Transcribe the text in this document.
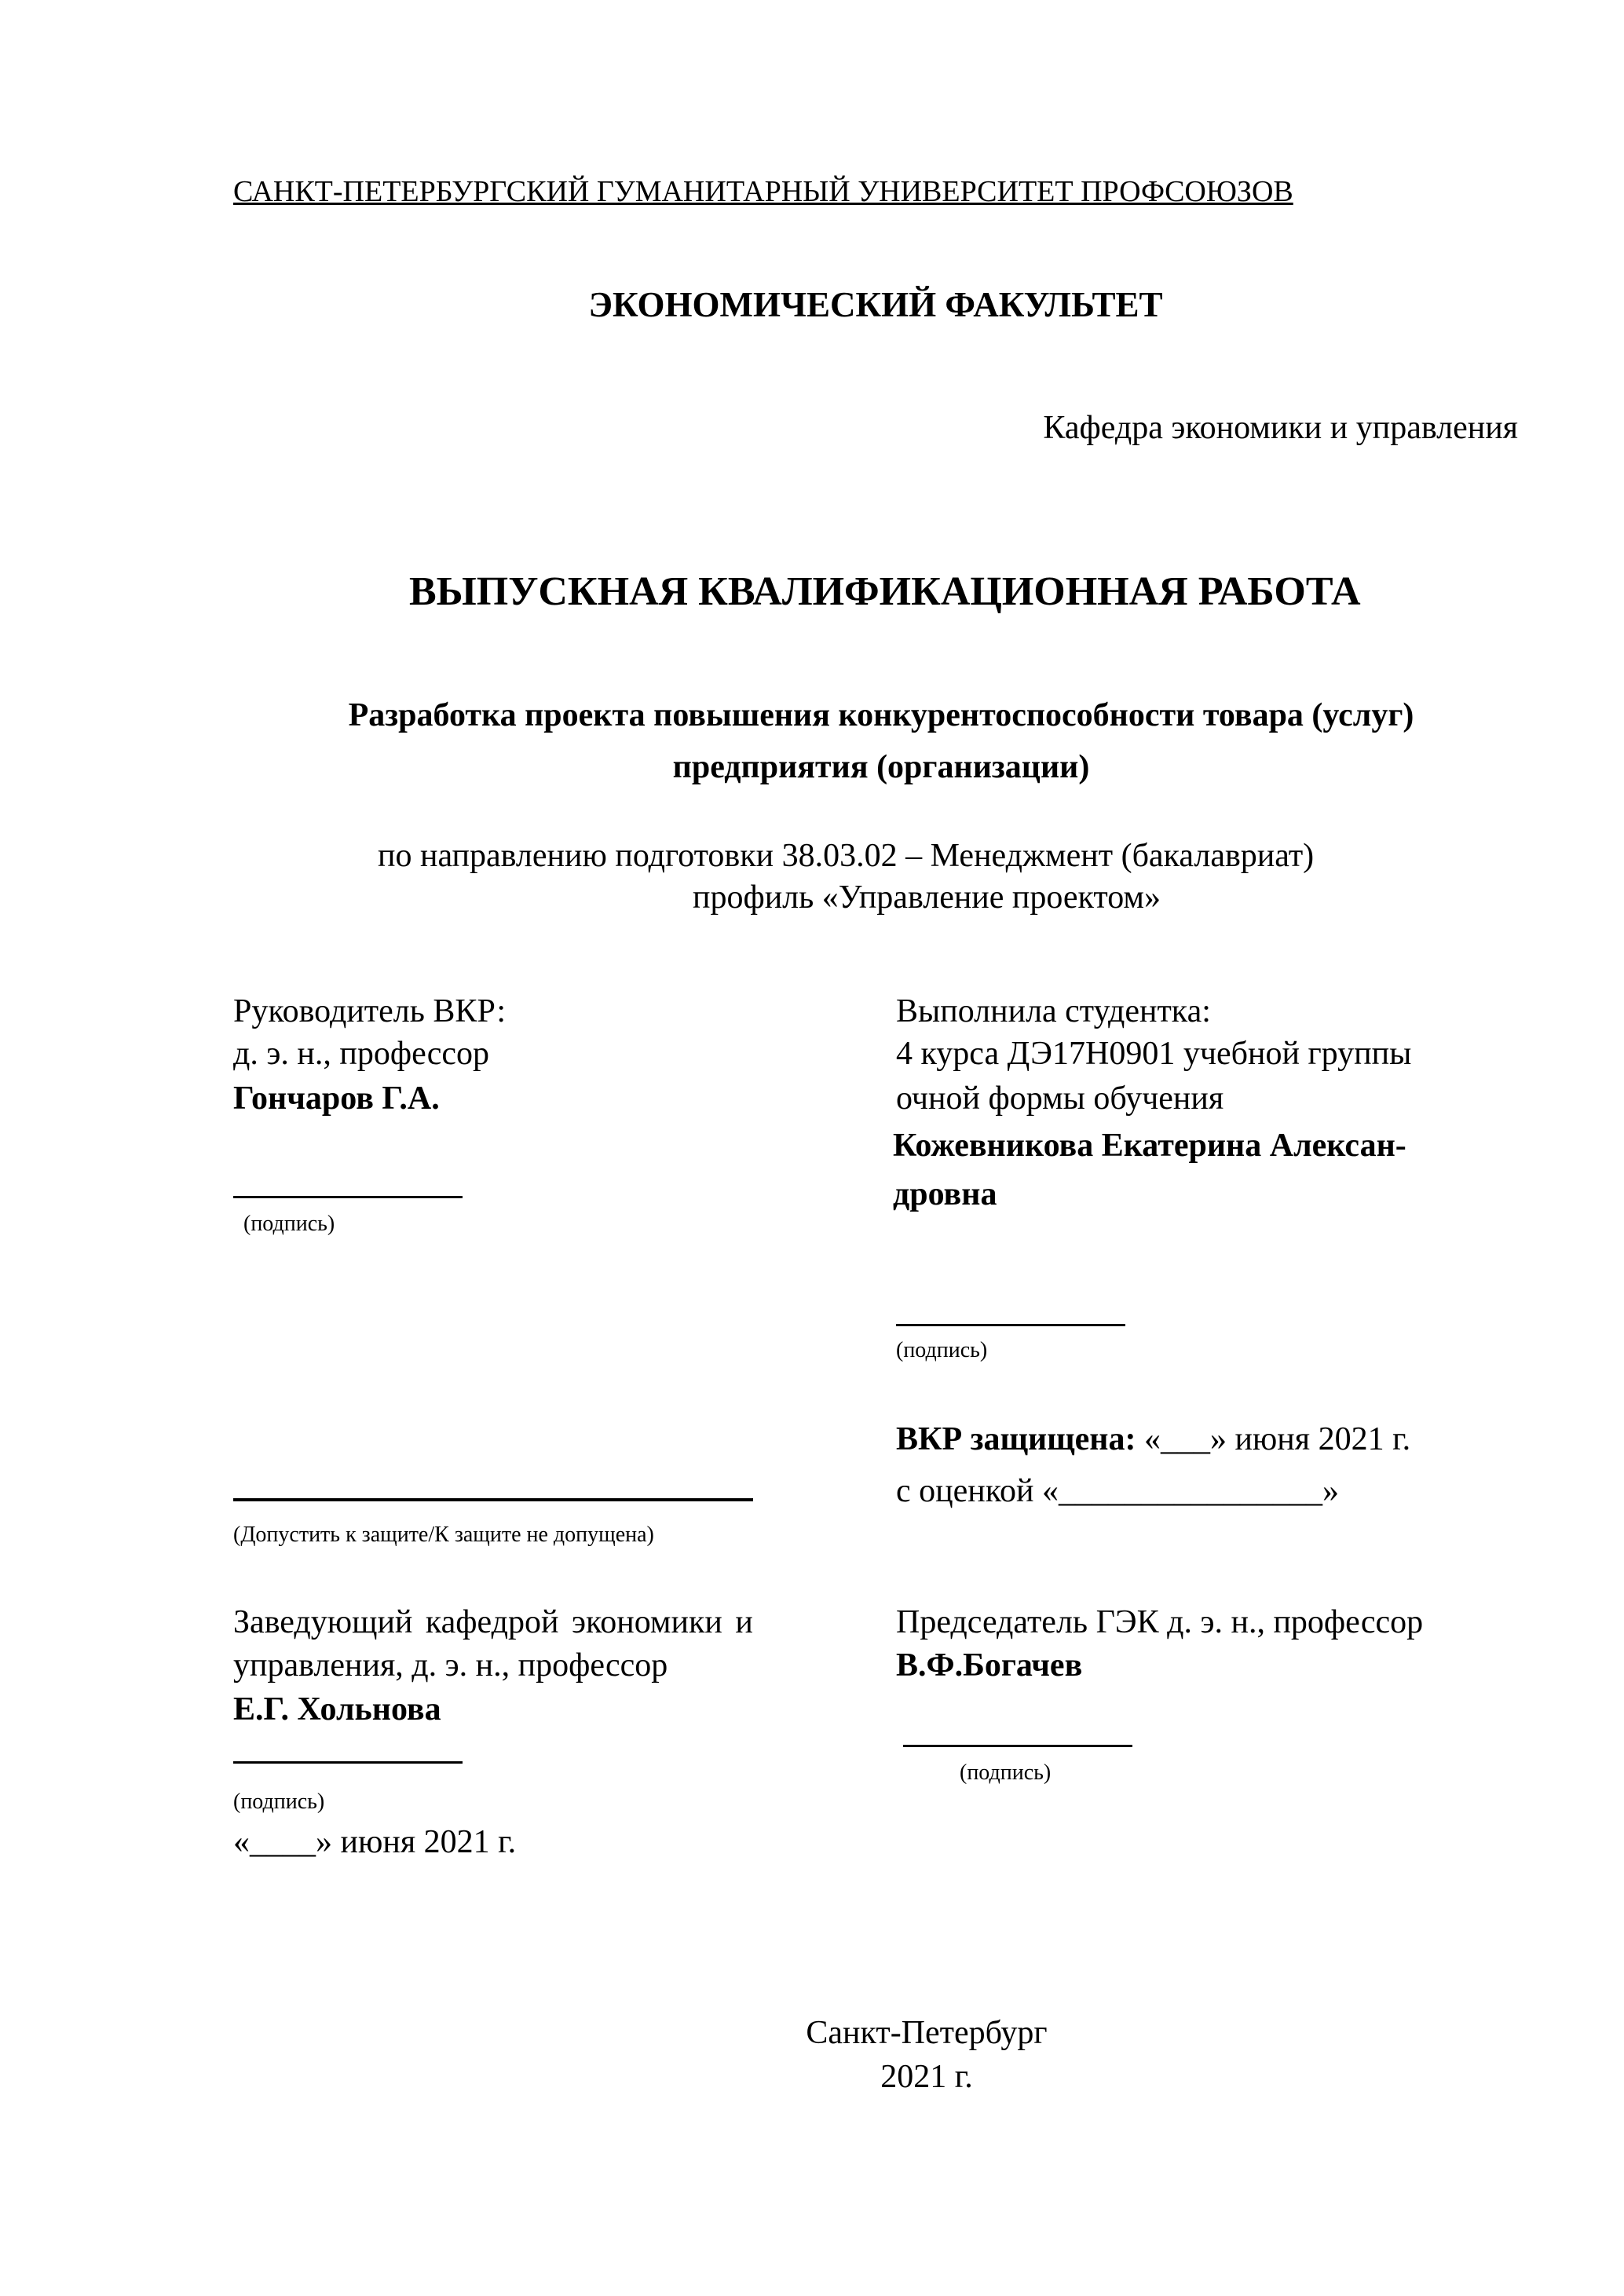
САНКТ-ПЕТЕРБУРГСКИЙ ГУМАНИТАРНЫЙ УНИВЕРСИТЕТ ПРОФСОЮЗОВ
ЭКОНОМИЧЕСКИЙ ФАКУЛЬТЕТ
Кафедра экономики и управления
ВЫПУСКНАЯ КВАЛИФИКАЦИОННАЯ РАБОТА
Разработка проекта повышения конкурентоспособности товара (услуг)
предприятия (организации)
по направлению подготовки 38.03.02 – Менеджмент (бакалавриат)
профиль «Управление проектом»
Руководитель ВКР:
д. э. н., профессор
Гончаров Г.А.
(подпись)
Выполнила студентка:
4 курса ДЭ17Н0901 учебной группы
очной формы обучения
Кожевникова Екатерина Алексан-
дровна
(подпись)
ВКР защищена: «___» июня 2021 г.
с оценкой «________________»
(Допустить к защите/К защите не допущена)
Заведующий кафедрой экономики и
управления, д. э. н., профессор
Е.Г. Хольнова
(подпись)
«____» июня 2021 г.
Председатель ГЭК д. э. н., профессор
В.Ф.Богачев
(подпись)
Санкт-Петербург
2021 г.
